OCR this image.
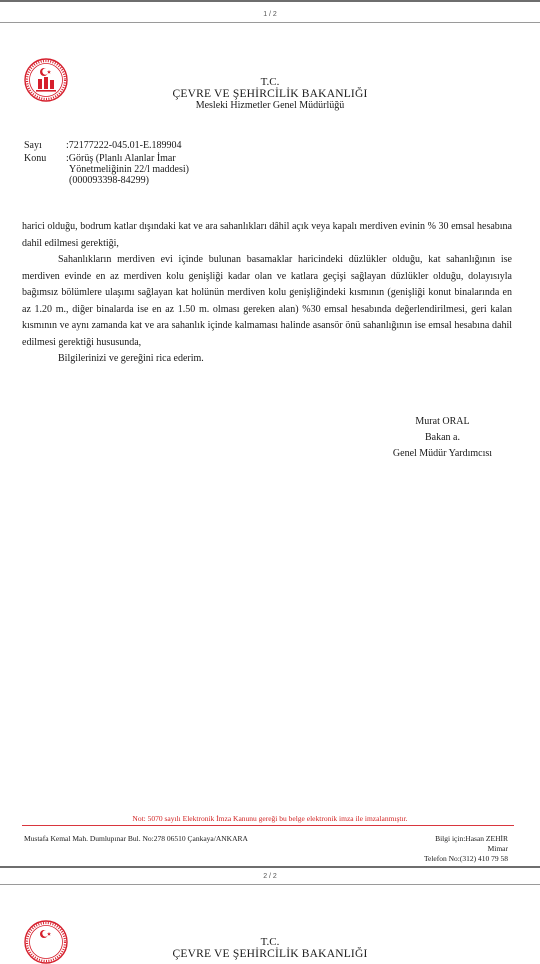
1 / 2
T.C.
ÇEVRE VE ŞEHİRCİLİK BAKANLIĞI
Mesleki Hizmetler Genel Müdürlüğü
Sayı	:72177222-045.01-E.189904
Konu	:Görüş (Planlı Alanlar İmar
Yönetmeliğinin 22/l maddesi)
(000093398-84299)

harici olduğu, bodrum katlar dışındaki kat ve ara sahanlıkları dâhil açık veya kapalı merdiven evinin % 30 emsal hesabına dahil edilmesi gerektiği,

Sahanlıkların merdiven evi içinde bulunan basamaklar haricindeki düzlükler olduğu, kat sahanlığının ise merdiven evinde en az merdiven kolu genişliği kadar olan ve katlara geçişi sağlayan düzlükler olduğu, dolayısıyla bağımsız bölümlere ulaşımı sağlayan kat holünün merdiven kolu genişliğindeki kısmının (genişliği konut binalarında en az 1.20 m., diğer binalarda ise en az 1.50 m. olması gereken alan) %30 emsal hesabında değerlendirilmesi, geri kalan kısmının ve aynı zamanda kat ve ara sahanlık içinde kalmaması halinde asansör önü sahanlığının ise emsal hesabına dahil edilmesi gerektiği hususunda,

Bilgilerinizi ve gereğini rica ederim.

Murat ORAL
Bakan a.
Genel Müdür Yardımcısı
Not: 5070 sayılı Elektronik İmza Kanunu gereği bu belge elektronik imza ile imzalanmıştır.
Mustafa Kemal Mah. Dumlupınar Bul. No:278 06510 Çankaya/ANKARA	Bilgi için:Hasan ZEHİR
Mimar
Telefon No:(312) 410 79 58
2 / 2
T.C.
ÇEVRE VE ŞEHİRCİLİK BAKANLIĞI
